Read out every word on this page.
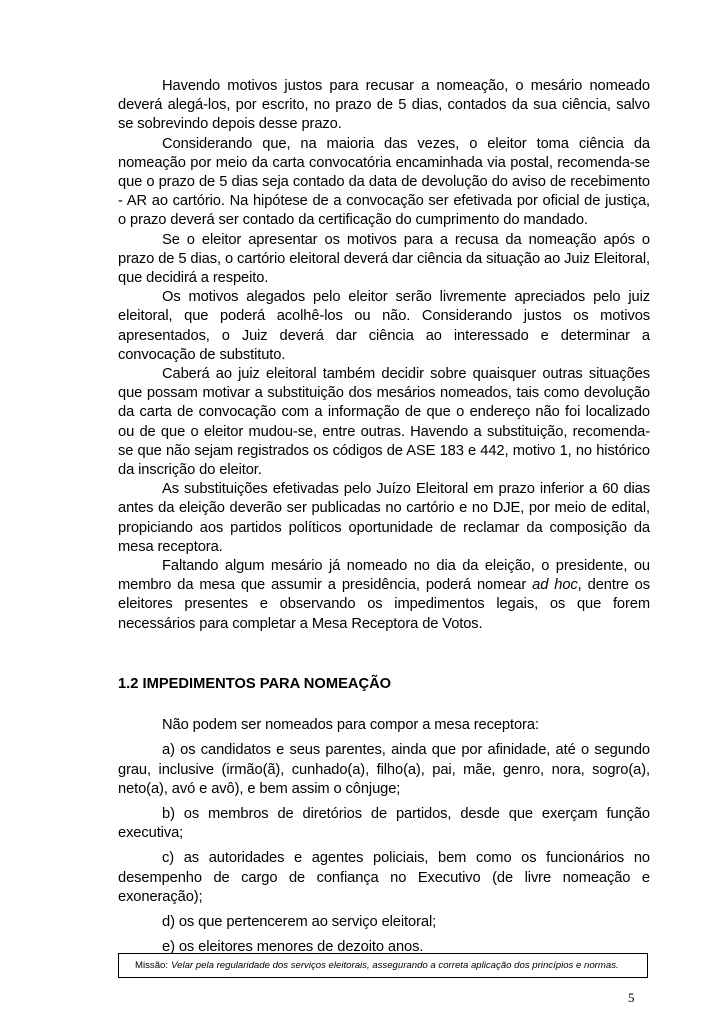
Havendo motivos justos para recusar a nomeação, o mesário nomeado deverá alegá-los, por escrito, no prazo de 5 dias, contados da sua ciência, salvo se sobrevindo depois desse prazo.

Considerando que, na maioria das vezes, o eleitor toma ciência da nomeação por meio da carta convocatória encaminhada via postal, recomenda-se que o prazo de 5 dias seja contado da data de devolução do aviso de recebimento - AR ao cartório. Na hipótese de a convocação ser efetivada por oficial de justiça, o prazo deverá ser contado da certificação do cumprimento do mandado.

Se o eleitor apresentar os motivos para a recusa da nomeação após o prazo de 5 dias, o cartório eleitoral deverá dar ciência da situação ao Juiz Eleitoral, que decidirá a respeito.

Os motivos alegados pelo eleitor serão livremente apreciados pelo juiz eleitoral, que poderá acolhê-los ou não. Considerando justos os motivos apresentados, o Juiz deverá dar ciência ao interessado e determinar a convocação de substituto.

Caberá ao juiz eleitoral também decidir sobre quaisquer outras situações que possam motivar a substituição dos mesários nomeados, tais como devolução da carta de convocação com a informação de que o endereço não foi localizado ou de que o eleitor mudou-se, entre outras. Havendo a substituição, recomenda-se que não sejam registrados os códigos de ASE 183 e 442, motivo 1, no histórico da inscrição do eleitor.

As substituições efetivadas pelo Juízo Eleitoral em prazo inferior a 60 dias antes da eleição deverão ser publicadas no cartório e no DJE, por meio de edital, propiciando aos partidos políticos oportunidade de reclamar da composição da mesa receptora.

Faltando algum mesário já nomeado no dia da eleição, o presidente, ou membro da mesa que assumir a presidência, poderá nomear ad hoc, dentre os eleitores presentes e observando os impedimentos legais, os que forem necessários para completar a Mesa Receptora de Votos.

1.2 IMPEDIMENTOS PARA NOMEAÇÃO

Não podem ser nomeados para compor a mesa receptora:

a) os candidatos e seus parentes, ainda que por afinidade, até o segundo grau, inclusive (irmão(ã), cunhado(a), filho(a), pai, mãe, genro, nora, sogro(a), neto(a), avó e avô), e bem assim o cônjuge;

b) os membros de diretórios de partidos, desde que exerçam função executiva;

c) as autoridades e agentes policiais, bem como os funcionários no desempenho de cargo de confiança no Executivo (de livre nomeação e exoneração);

d) os que pertencerem ao serviço eleitoral;

e) os eleitores menores de dezoito anos.

Missão: Velar pela regularidade dos serviços eleitorais, assegurando a correta aplicação dos princípios e normas.
5
